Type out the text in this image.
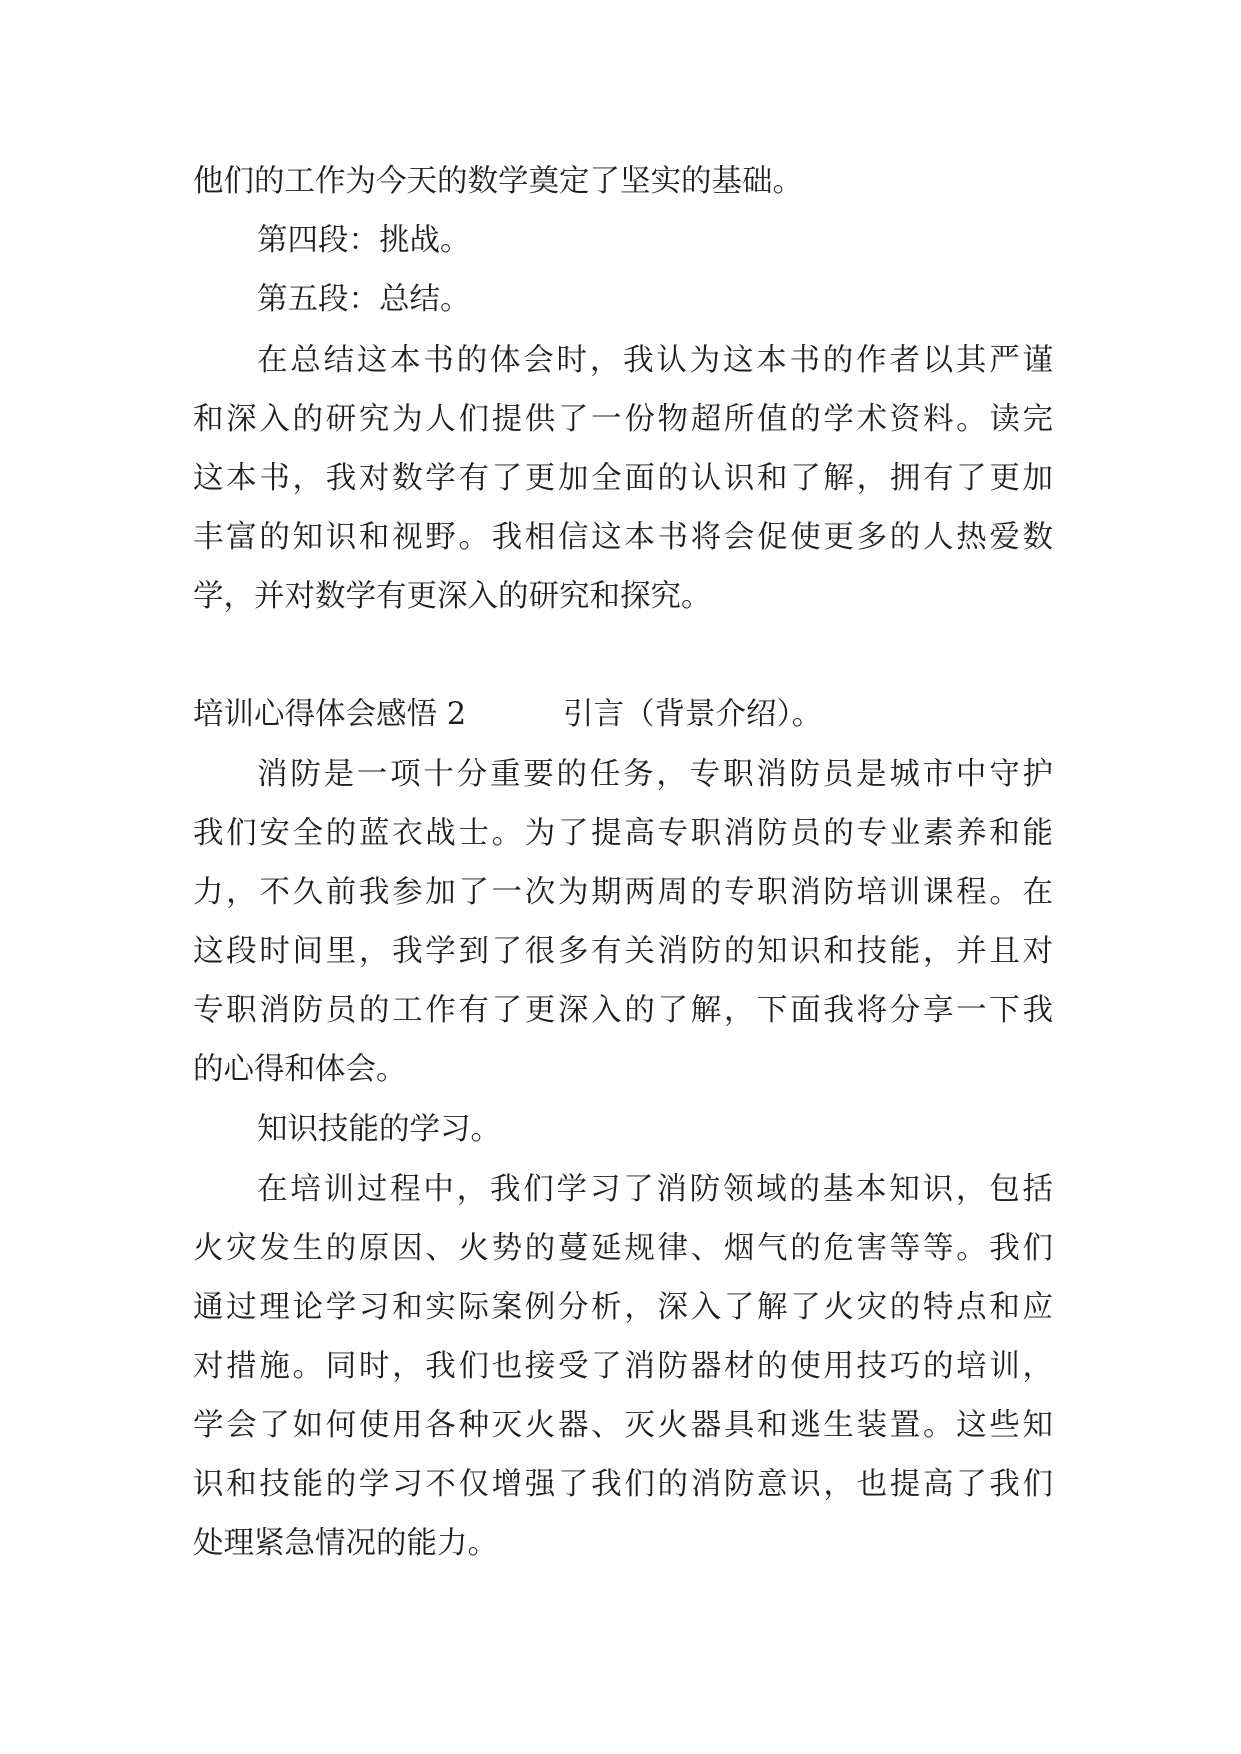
他们的工作为今天的数学奠定了坚实的基础。
第四段：挑战。
第五段：总结。
在总结这本书的体会时，我认为这本书的作者以其严谨
和深入的研究为人们提供了一份物超所值的学术资料。读完
这本书，我对数学有了更加全面的认识和了解，拥有了更加
丰富的知识和视野。我相信这本书将会促使更多的人热爱数
学，并对数学有更深入的研究和探究。
培训心得体会感悟 2	引言（背景介绍）。
消防是一项十分重要的任务，专职消防员是城市中守护
我们安全的蓝衣战士。为了提高专职消防员的专业素养和能
力，不久前我参加了一次为期两周的专职消防培训课程。在
这段时间里，我学到了很多有关消防的知识和技能，并且对
专职消防员的工作有了更深入的了解，下面我将分享一下我
的心得和体会。
知识技能的学习。
在培训过程中，我们学习了消防领域的基本知识，包括
火灾发生的原因、火势的蔓延规律、烟气的危害等等。我们
通过理论学习和实际案例分析，深入了解了火灾的特点和应
对措施。同时，我们也接受了消防器材的使用技巧的培训，
学会了如何使用各种灭火器、灭火器具和逃生装置。这些知
识和技能的学习不仅增强了我们的消防意识，也提高了我们
处理紧急情况的能力。
